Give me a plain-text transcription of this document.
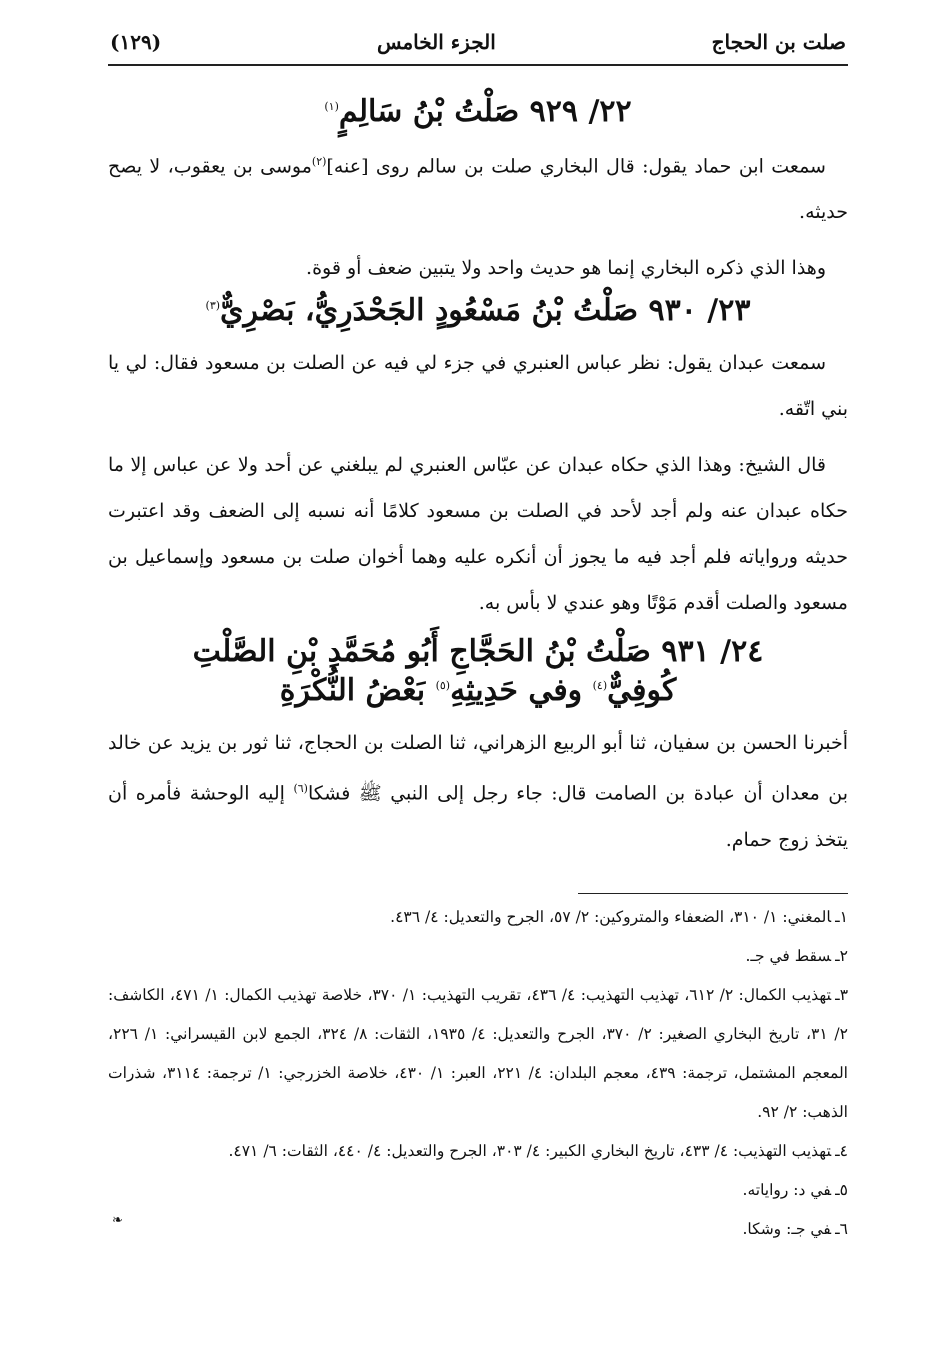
صلت بن الحجاج
الجزء الخامس
(١٢٩)
٢٢/ ٩٢٩ صَلْتُ بْنُ سَالِمٍ$^{(١)}$

سمعت ابن حماد يقول: قال البخاري صلت بن سالم روى [عنه]$^{(٢)}$موسى بن يعقوب، لا يصح حديثه.

وهذا الذي ذكره البخاري إنما هو حديث واحد ولا يتبين ضعف أو قوة.

٢٣/ ٩٣٠ صَلْتُ بْنُ مَسْعُودٍ الجَحْدَرِيُّ، بَصْرِيٌّ$^{(٣)}$

سمعت عبدان يقول: نظر عباس العنبري في جزء لي فيه عن الصلت بن مسعود فقال: لي يا بني اتّقه.

قال الشيخ: وهذا الذي حكاه عبدان عن عبّاس العنبري لم يبلغني عن أحد ولا عن عباس إلا ما حكاه عبدان عنه ولم أجد لأحد في الصلت بن مسعود كلامًا أنه نسبه إلى الضعف وقد اعتبرت حديثه ورواياته فلم أجد فيه ما يجوز أن أنكره عليه وهما أخوان صلت بن مسعود وإسماعيل بن مسعود والصلت أقدم مَوْتًا وهو عندي لا بأس به.

٢٤/ ٩٣١ صَلْتُ بْنُ الحَجَّاجِ أَبُو مُحَمَّدِ بْنِ الصَّلْتِ
كُوفِيٌّ$^{(٤)}$ وفي حَدِيثِهِ$^{(٥)}$ بَعْضُ النُّكْرَةِ

أخبرنا الحسن بن سفيان، ثنا أبو الربيع الزهراني، ثنا الصلت بن الحجاج، ثنا ثور بن يزيد عن خالد بن معدان أن عبادة بن الصامت قال: جاء رجل إلى النبي ﷺ فشكا$^{(٦)}$ إليه الوحشة فأمره أن يتخذ زوج حمام.

١ـالمغني: ١/ ٣١٠، الضعفاء والمتروكين: ٢/ ٥٧، الجرح والتعديل: ٤/ ٤٣٦.
٢ـسقط في جـ.
٣ـتهذيب الكمال: ٢/ ٦١٢، تهذيب التهذيب: ٤/ ٤٣٦، تقريب التهذيب: ١/ ٣٧٠، خلاصة تهذيب الكمال: ١/ ٤٧١، الكاشف: ٢/ ٣١، تاريخ البخاري الصغير: ٢/ ٣٧٠، الجرح والتعديل: ٤/ ١٩٣٥، الثقات: ٨/ ٣٢٤، الجمع لابن القيسراني: ١/ ٢٢٦، المعجم المشتمل، ترجمة: ٤٣٩، معجم البلدان: ٤/ ٢٢١، العبر: ١/ ٤٣٠، خلاصة الخزرجي: ١/ ترجمة: ٣١١٤، شذرات الذهب: ٢/ ٩٢.
٤ـتهذيب التهذيب: ٤/ ٤٣٣، تاريخ البخاري الكبير: ٤/ ٣٠٣، الجرح والتعديل: ٤/ ٤٤٠، الثقات: ٦/ ٤٧١.
٥ـفي د: رواياته.
٦ـفي جـ: وشكا.
❧
